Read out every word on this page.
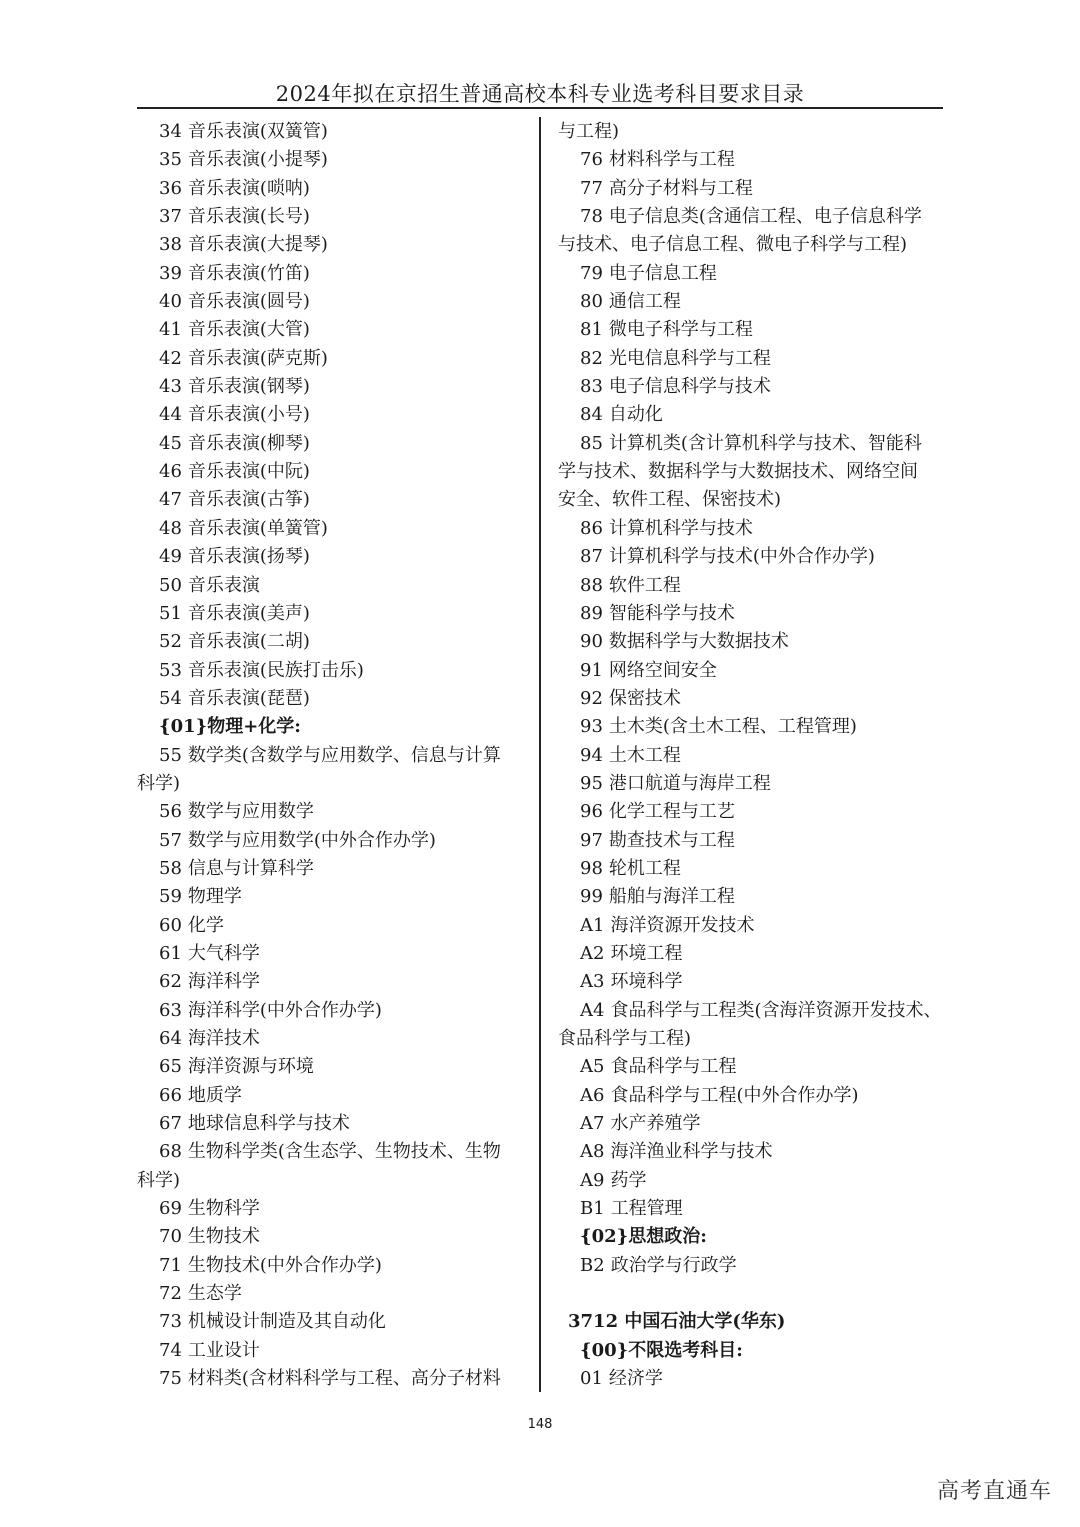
2024年拟在京招生普通高校本科专业选考科目要求目录
34 音乐表演(双簧管)
35 音乐表演(小提琴)
36 音乐表演(唢呐)
37 音乐表演(长号)
38 音乐表演(大提琴)
39 音乐表演(竹笛)
40 音乐表演(圆号)
41 音乐表演(大管)
42 音乐表演(萨克斯)
43 音乐表演(钢琴)
44 音乐表演(小号)
45 音乐表演(柳琴)
46 音乐表演(中阮)
47 音乐表演(古筝)
48 音乐表演(单簧管)
49 音乐表演(扬琴)
50 音乐表演
51 音乐表演(美声)
52 音乐表演(二胡)
53 音乐表演(民族打击乐)
54 音乐表演(琵琶)
{01}物理+化学:
55 数学类(含数学与应用数学、信息与计算
科学)
56 数学与应用数学
57 数学与应用数学(中外合作办学)
58 信息与计算科学
59 物理学
60 化学
61 大气科学
62 海洋科学
63 海洋科学(中外合作办学)
64 海洋技术
65 海洋资源与环境
66 地质学
67 地球信息科学与技术
68 生物科学类(含生态学、生物技术、生物
科学)
69 生物科学
70 生物技术
71 生物技术(中外合作办学)
72 生态学
73 机械设计制造及其自动化
74 工业设计
75 材料类(含材料科学与工程、高分子材料
与工程)
76 材料科学与工程
77 高分子材料与工程
78 电子信息类(含通信工程、电子信息科学
与技术、电子信息工程、微电子科学与工程)
79 电子信息工程
80 通信工程
81 微电子科学与工程
82 光电信息科学与工程
83 电子信息科学与技术
84 自动化
85 计算机类(含计算机科学与技术、智能科
学与技术、数据科学与大数据技术、网络空间
安全、软件工程、保密技术)
86 计算机科学与技术
87 计算机科学与技术(中外合作办学)
88 软件工程
89 智能科学与技术
90 数据科学与大数据技术
91 网络空间安全
92 保密技术
93 土木类(含土木工程、工程管理)
94 土木工程
95 港口航道与海岸工程
96 化学工程与工艺
97 勘查技术与工程
98 轮机工程
99 船舶与海洋工程
A1 海洋资源开发技术
A2 环境工程
A3 环境科学
A4 食品科学与工程类(含海洋资源开发技术、
食品科学与工程)
A5 食品科学与工程
A6 食品科学与工程(中外合作办学)
A7 水产养殖学
A8 海洋渔业科学与技术
A9 药学
B1 工程管理
{02}思想政治:
B2 政治学与行政学
3712 中国石油大学(华东)
{00}不限选考科目:
01 经济学
148
高考直通车
